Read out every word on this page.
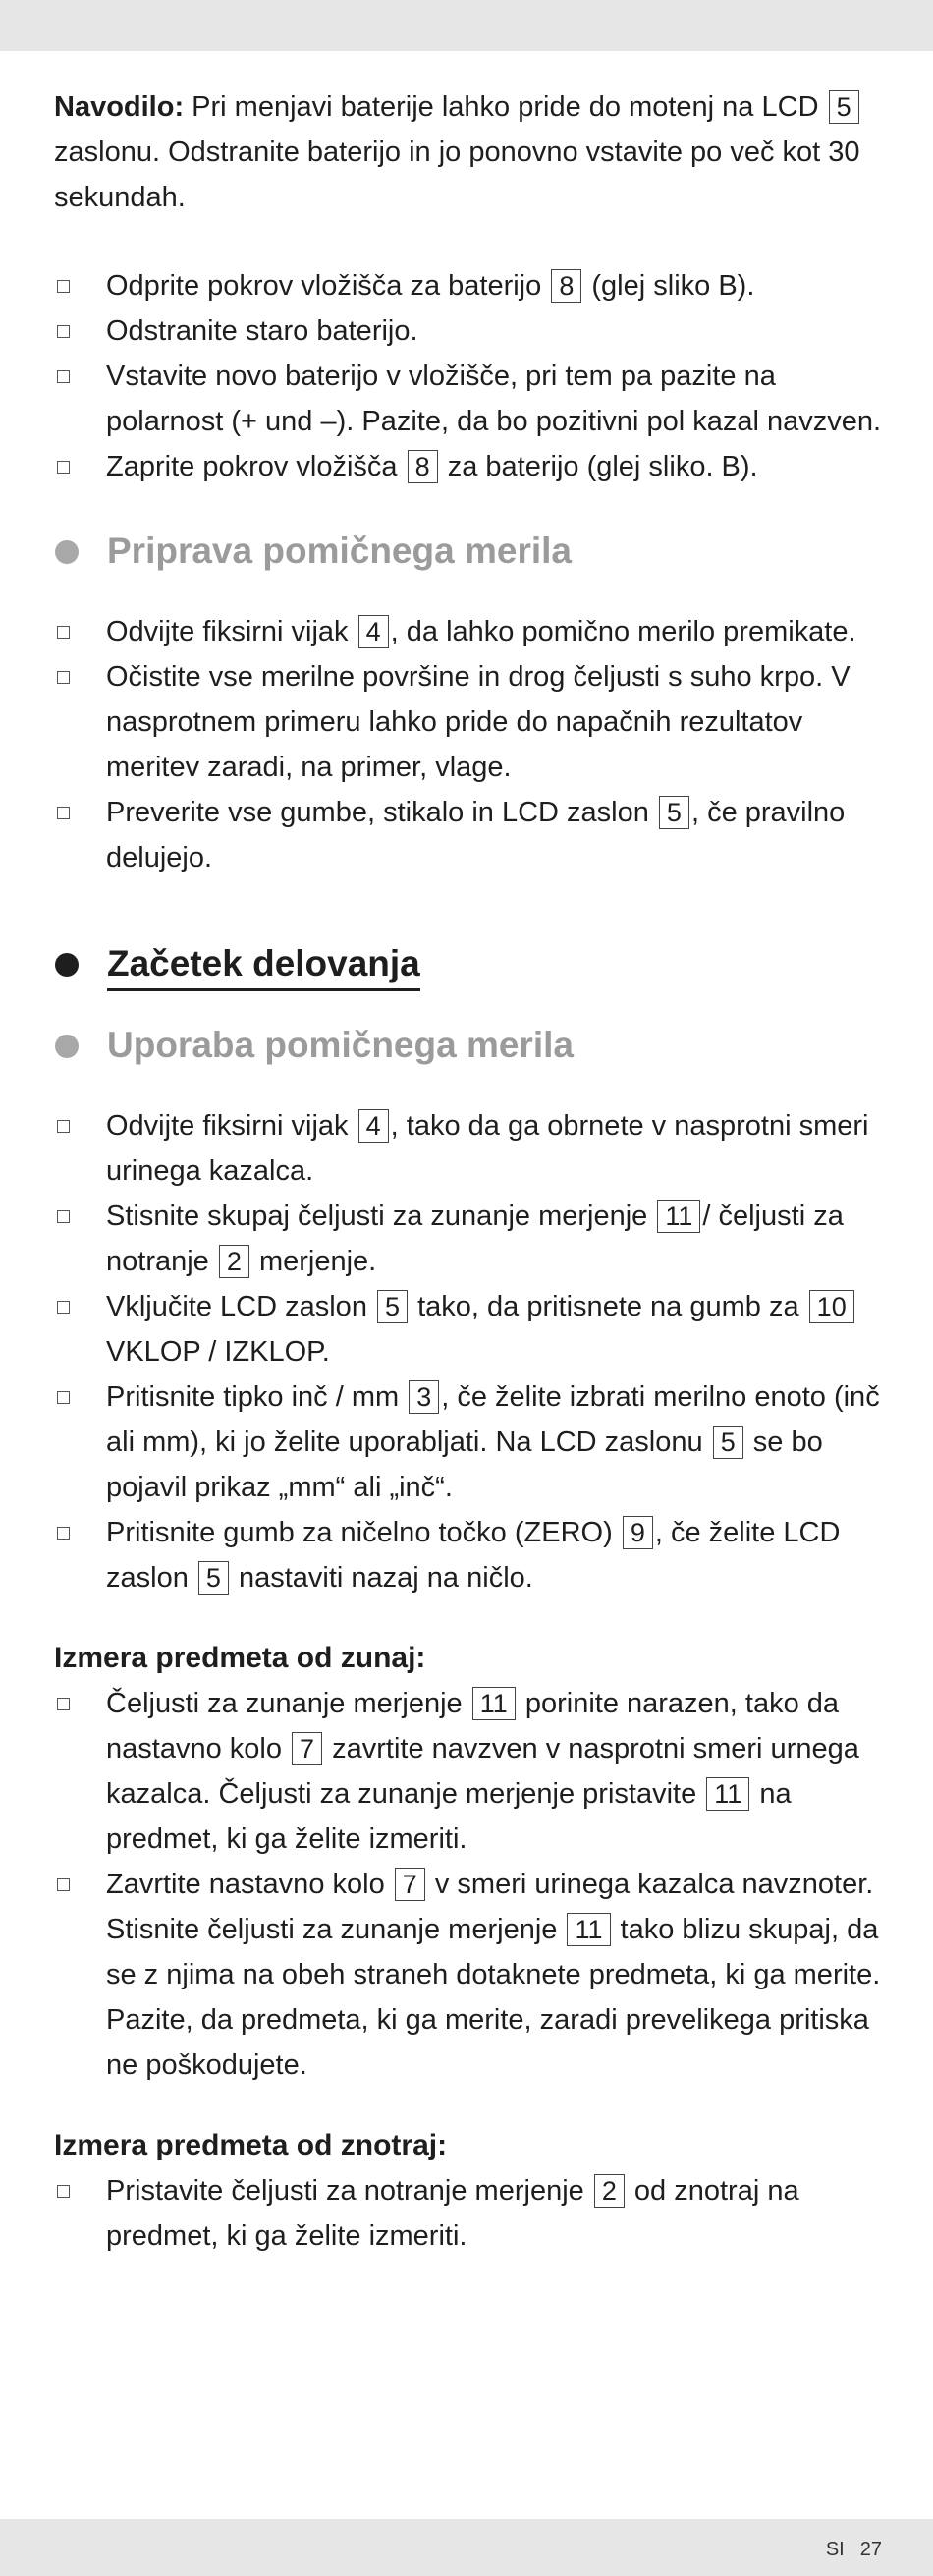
Navodilo: Pri menjavi baterije lahko pride do motenj na LCD 5 zaslonu. Odstranite baterijo in jo ponovno vstavite po več kot 30 sekundah.

Odprite pokrov vložišča za baterijo 8 (glej sliko B).
Odstranite staro baterijo.
Vstavite novo baterijo v vložišče, pri tem pa pazite na polarnost (+ und –). Pazite, da bo pozitivni pol kazal navzven.
Zaprite pokrov vložišča 8 za baterijo (glej sliko. B).
Priprava pomičnega merila
Odvijte fiksirni vijak 4 , da lahko pomično merilo premikate.
Očistite vse merilne površine in drog čeljusti s suho krpo. V nasprotnem primeru lahko pride do napačnih rezultatov meritev zaradi, na primer, vlage.
Preverite vse gumbe, stikalo in LCD zaslon 5 , če pravilno delujejo.
Začetek delovanja
Uporaba pomičnega merila
Odvijte fiksirni vijak 4 , tako da ga obrnete v nasprotni smeri urinega kazalca.
Stisnite skupaj čeljusti za zunanje merjenje 11 / čeljusti za notranje 2 merjenje.
Vključite LCD zaslon 5 tako, da pritisnete na gumb za 10 VKLOP / IZKLOP.
Pritisnite tipko inč / mm 3 , če želite izbrati merilno enoto (inč ali mm), ki jo želite uporabljati. Na LCD zaslonu 5 se bo pojavil prikaz „mm“ ali „inč“.
Pritisnite gumb za ničelno točko (ZERO) 9 , če želite LCD zaslon 5 nastaviti nazaj na ničlo.
Izmera predmeta od zunaj:
Čeljusti za zunanje merjenje 11 porinite narazen, tako da nastavno kolo 7 zavrtite navzven v nasprotni smeri urnega kazalca. Čeljusti za zunanje merjenje pristavite 11 na predmet, ki ga želite izmeriti.
Zavrtite nastavno kolo 7 v smeri urinega kazalca navznoter. Stisnite čeljusti za zunanje merjenje 11 tako blizu skupaj, da se z njima na obeh straneh dotaknete predmeta, ki ga merite. Pazite, da predmeta, ki ga merite, zaradi prevelikega pritiska ne poškodujete.
Izmera predmeta od znotraj:
Pristavite čeljusti za notranje merjenje 2 od znotraj na predmet, ki ga želite izmeriti.
SI 27
